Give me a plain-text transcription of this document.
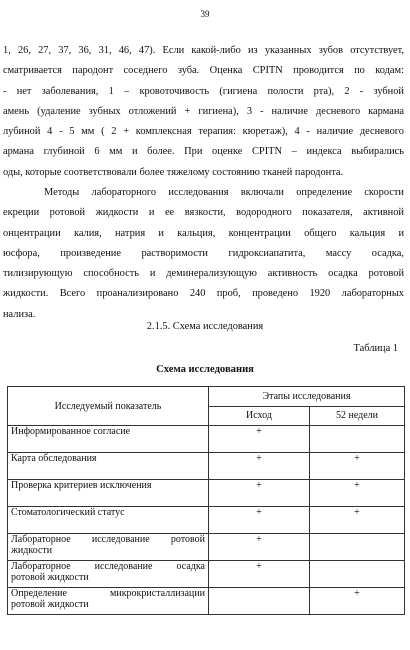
39
1, 26, 27, 37, 36, 31, 46, 47). Если какой-либо из указанных зубов отсутствует,
сматривается пародонт соседнего зуба. Оценка CPITN проводится по кодам:
- нет заболевания, 1 – кровоточивость (гигиена полости рта), 2 - зубной
амень (удаление зубных отложений + гигиена), 3 - наличие десневого кармана
лубиной 4 - 5 мм ( 2 + комплексная терапия: кюретаж), 4 - наличие десневого
армана глубиной 6 мм и более. При оценке CPITN – индекса выбирались
оды, которые соответствовали более тяжелому состоянию тканей пародонта.
Методы лабораторного исследования включали определение скорости
екреции ротовой жидкости и ее вязкости, водородного показателя, активной
онцентрации калия, натрия и кальция, концентрации общего кальция и
юсфора, произведение растворимости гидроксиапатита, массу осадка,
тилизирующую способность и деминерализующую активность осадка ротовой
жидкости. Всего проанализировано 240 проб, проведено 1920 лабораторных
нализа.
2.1.5. Схема исследования
Таблица 1
Схема исследования
Исследуемый показатель	Этапы исследования	
	Исход	52 недели
Информированное согласие	+	
Карта обследования	+	+
Проверка критериев исключения	+	+
Стоматологический статус	+	+

Лабораторное исследование ротовой
жидкости	+	

Лабораторное исследование осадка
ротовой жидкости	+	

Определение микрокристаллизации
ротовой жидкости		+
